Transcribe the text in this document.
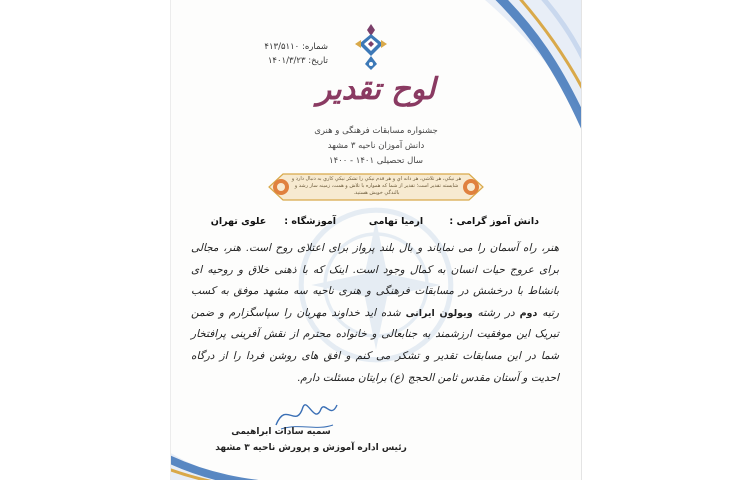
شماره: ۴۱۳/۵۱۱۰
تاریخ: ۱۴۰۱/۳/۲۳
لوح تقدیر
جشنواره مسابقات فرهنگی و هنری
دانش آموزان ناحیه ۳ مشهد
سال تحصیلی ۱۴۰۱ - ۱۴۰۰
هر نيكي، هر تلاشي، هر دانه اي و هر قدم نيكي را تشكر نيكي كاري به دنبال دارد و شايسته تقدير است؛ تقدير از شما كه همواره با تلاش و همت، زمينه ساز رشد و بالندگي خويش هستيد.
دانش آموز گرامی :
ارمیا تهامی
آموزشگاه :
علوی تهران
هنر، راه آسمان را می نمایاند و بال بلند پرواز برای اعتلای روح است. هنر، مجالی برای عروج حیات انسان به کمال وجود است. اینک که با ذهنی خلاق و روحیه ای بانشاط با درخشش در مسابقات فرهنگی و هنری ناحیه سه مشهد موفق به کسب رتبه دوم در رشته ویولون ایرانی شده اید خداوند مهربان را سپاسگزارم و ضمن تبریک این موفقیت ارزشمند به جنابعالی و خانواده محترم از نقش آفرینی پرافتخار شما در این مسابقات تقدیر و تشکر می کنم و افق های روشن فردا را از درگاه احدیت و آستان مقدس ثامن الحجج (ع) برایتان مسئلت دارم.
سمیه سادات ابراهیمی
رئیس اداره آموزش و پرورش ناحیه ۳ مشهد
